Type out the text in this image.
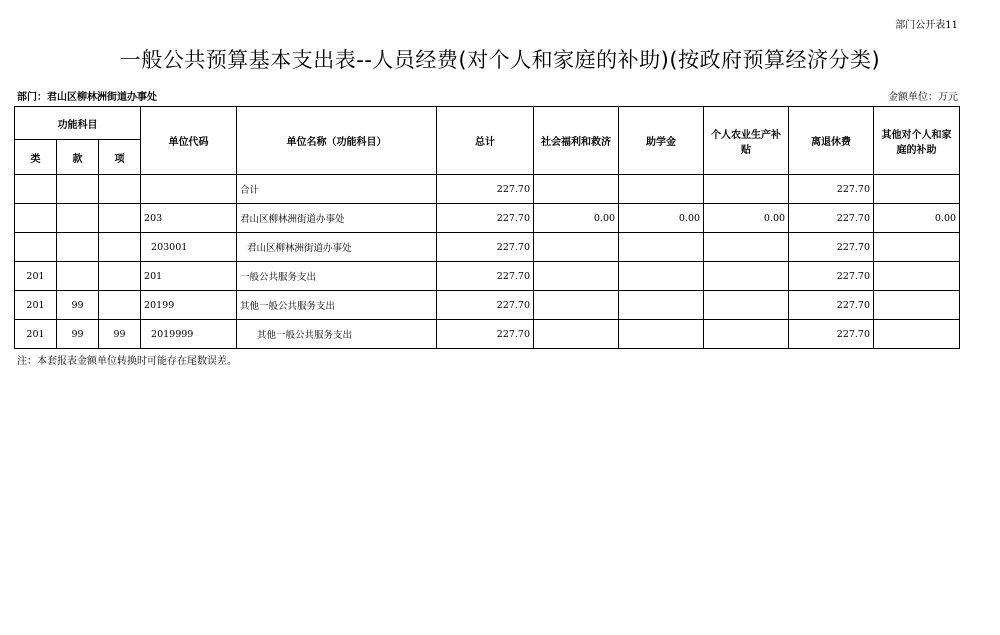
部门公开表11
一般公共预算基本支出表--人员经费(对个人和家庭的补助)(按政府预算经济分类)
部门：君山区柳林洲街道办事处	金额单位：万元
功能科目			单位代码	单位名称（功能科目）	总计	社会福利和救济	助学金	个人农业生产补贴	离退休费	其他对个人和家庭的补助
类	款	项								
				合计	227.70				227.70	
			203	君山区柳林洲街道办事处	227.70	0.00	0.00	0.00	227.70	0.00
			203001	君山区柳林洲街道办事处	227.70				227.70	
201			201	一般公共服务支出	227.70				227.70	
201	99		20199	其他一般公共服务支出	227.70				227.70	
201	99	99	2019999	其他一般公共服务支出	227.70				227.70	
注：本套报表金额单位转换时可能存在尾数误差。
